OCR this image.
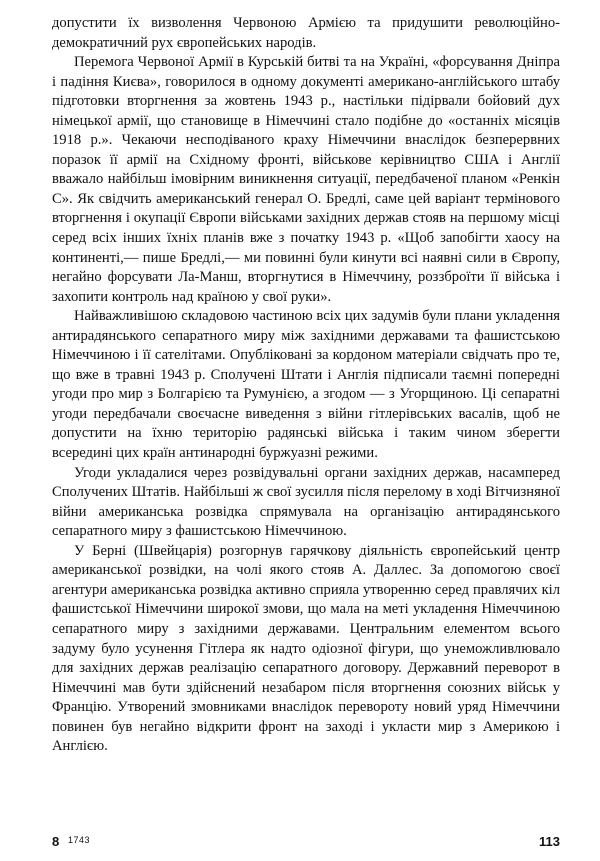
допустити їх визволення Червоною Армією та придушити революційно-демократичний рух європейських народів.

Перемога Червоної Армії в Курській битві та на Україні, «форсування Дніпра і падіння Києва», говорилося в одному документі американо-англійського штабу підготовки вторгнення за жовтень 1943 р., настільки підірвали бойовий дух німецької армії, що становище в Німеччині стало подібне до «останніх місяців 1918 р.». Чекаючи несподіваного краху Німеччини внаслідок безперервних поразок її армії на Східному фронті, військове керівництво США і Англії вважало найбільш імовірним виникнення ситуації, передбаченої планом «Ренкін С». Як свідчить американський генерал О. Бредлі, саме цей варіант термінового вторгнення і окупації Європи військами західних держав стояв на першому місці серед всіх інших їхніх планів вже з початку 1943 р. «Щоб запобігти хаосу на континенті,— пише Бредлі,— ми повинні були кинути всі наявні сили в Європу, негайно форсувати Ла-Манш, вторгнутися в Німеччину, роззброїти її війська і захопити контроль над країною у свої руки».

Найважливішою складовою частиною всіх цих задумів були плани укладення антирадянського сепаратного миру між західними державами та фашистською Німеччиною і її сателітами. Опубліковані за кордоном матеріали свідчать про те, що вже в травні 1943 р. Сполучені Штати і Англія підписали таємні попередні угоди про мир з Болгарією та Румунією, а згодом — з Угорщиною. Ці сепаратні угоди передбачали своєчасне виведення з війни гітлерівських васалів, щоб не допустити на їхню територію радянські війська і таким чином зберегти всередині цих країн антинародні буржуазні режими.

Угоди укладалися через розвідувальні органи західних держав, насамперед Сполучених Штатів. Найбільші ж свої зусилля після перелому в ході Вітчизняної війни американська розвідка спрямувала на організацію антирадянського сепаратного миру з фашистською Німеччиною.

У Берні (Швейцарія) розгорнув гарячкову діяльність європейський центр американської розвідки, на чолі якого стояв А. Даллес. За допомогою своєї агентури американська розвідка активно сприяла утворенню серед правлячих кіл фашистської Німеччини широкої змови, що мала на меті укладення Німеччиною сепаратного миру з західними державами. Центральним елементом всього задуму було усунення Гітлера як надто одіозної фігури, що унеможливлювало для західних держав реалізацію сепаратного договору. Державний переворот в Німеччині мав бути здійснений незабаром після вторгнення союзних військ у Францію. Утворений змовниками внаслідок перевороту новий уряд Німеччини повинен був негайно відкрити фронт на заході і укласти мир з Америкою і Англією.

8 1743	113
